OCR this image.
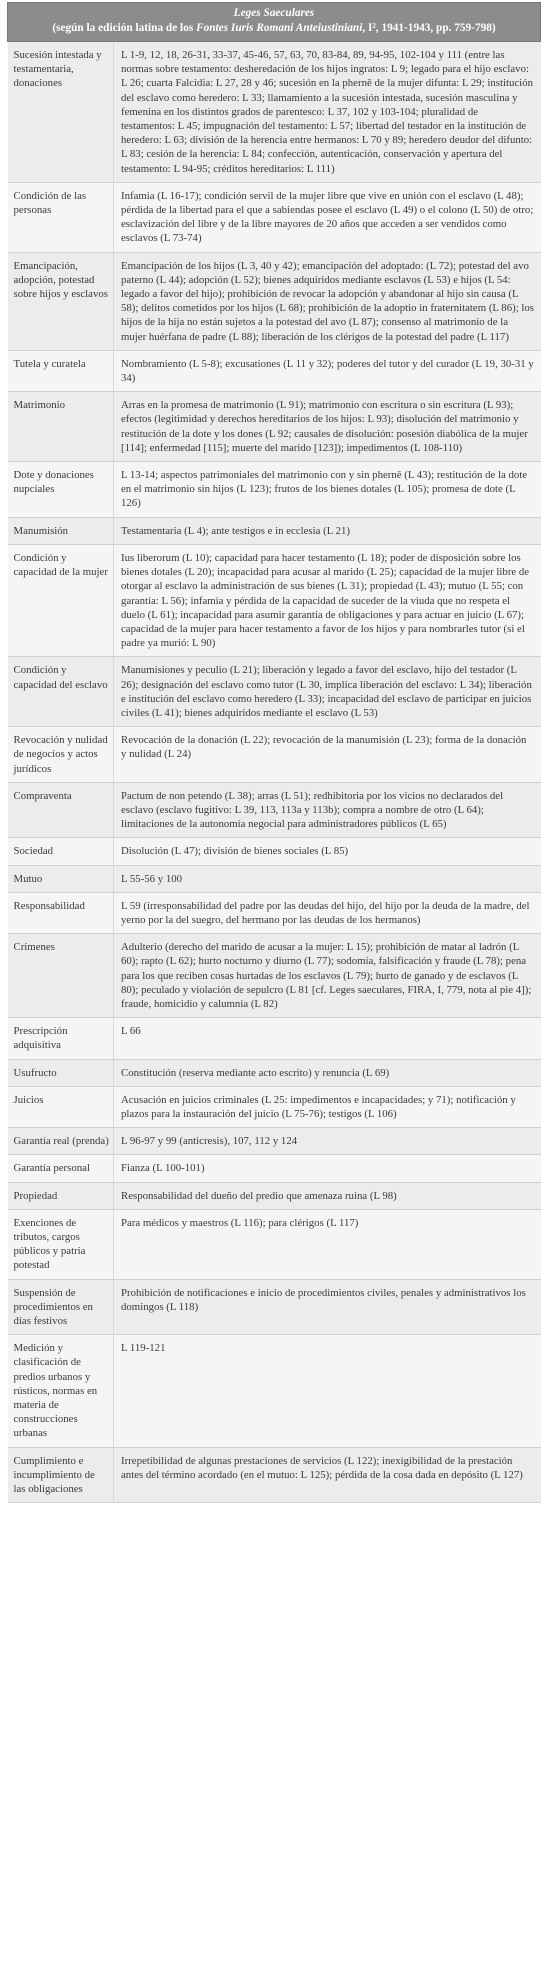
Leges Saeculares
(según la edición latina de los Fontes Iuris Romani Anteiustiniani, I², 1941-1943, pp. 759-798)	
Sucesión intestada y testamentaria, donaciones	L 1-9, 12, 18, 26-31, 33-37, 45-46, 57, 63, 70, 83-84, 89, 94-95, 102-104 y 111 (entre las normas sobre testamento: desheredación de los hijos ingratos: L 9; legado para el hijo esclavo: L 26; cuarta Falcidia: L 27, 28 y 46; sucesión en la phernē de la mujer difunta: L 29; institución del esclavo como heredero: L 33; llamamiento a la sucesión intestada, sucesión masculina y femenina en los distintos grados de parentesco: L 37, 102 y 103-104; pluralidad de testamentos: L 45; impugnación del testamento: L 57; libertad del testador en la institución de heredero: L 63; división de la herencia entre hermanos: L 70 y 89; heredero deudor del difunto: L 83; cesión de la herencia: L 84; confección, autenticación, conservación y apertura del testamento: L 94-95; créditos hereditarios: L 111)
Condición de las personas	Infamia (L 16-17); condición servil de la mujer libre que vive en unión con el esclavo (L 48); pérdida de la libertad para el que a sabiendas posee el esclavo (L 49) o el colono (L 50) de otro; esclavización del libre y de la libre mayores de 20 años que acceden a ser vendidos como esclavos (L 73-74)
Emancipación, adopción, potestad sobre hijos y esclavos	Emancipación de los hijos (L 3, 40 y 42); emancipación del adoptado: (L 72); potestad del avo paterno (L 44); adopción (L 52); bienes adquiridos mediante esclavos (L 53) e hijos (L 54: legado a favor del hijo); prohibición de revocar la adopción y abandonar al hijo sin causa (L 58); delitos cometidos por los hijos (L 68); prohibición de la adoptio in fraternitatem (L 86); los hijos de la hija no están sujetos a la potestad del avo (L 87); consenso al matrimonio de la mujer huérfana de padre (L 88); liberación de los clérigos de la potestad del padre (L 117)
Tutela y curatela	Nombramiento (L 5-8); excusationes (L 11 y 32); poderes del tutor y del curador (L 19, 30-31 y 34)
Matrimonio	Arras en la promesa de matrimonio (L 91); matrimonio con escritura o sin escritura (L 93); efectos (legitimidad y derechos hereditarios de los hijos: L 93); disolución del matrimonio y restitución de la dote y los dones (L 92; causales de disolución: posesión diabólica de la mujer [114]; enfermedad [115]; muerte del marido [123]); impedimentos (L 108-110)
Dote y donaciones nupciales	L 13-14; aspectos patrimoniales del matrimonio con y sin phernē (L 43); restitución de la dote en el matrimonio sin hijos (L 123); frutos de los bienes dotales (L 105); promesa de dote (L 126)
Manumisión	Testamentaria (L 4); ante testigos e in ecclesia (L 21)
Condición y capacidad de la mujer	Ius liberorum (L 10); capacidad para hacer testamento (L 18); poder de disposición sobre los bienes dotales (L 20); incapacidad para acusar al marido (L 25); capacidad de la mujer libre de otorgar al esclavo la administración de sus bienes (L 31); propiedad (L 43); mutuo (L 55; con garantía: L 56); infamia y pérdida de la capacidad de suceder de la viuda que no respeta el duelo (L 61); incapacidad para asumir garantía de obligaciones y para actuar en juicio (L 67); capacidad de la mujer para hacer testamento a favor de los hijos y para nombrarles tutor (si el padre ya murió: L 90)
Condición y capacidad del esclavo	Manumisiones y peculio (L 21); liberación y legado a favor del esclavo, hijo del testador (L 26); designación del esclavo como tutor (L 30, implica liberación del esclavo: L 34); liberación e institución del esclavo como heredero (L 33); incapacidad del esclavo de participar en juicios civiles (L 41); bienes adquiridos mediante el esclavo (L 53)
Revocación y nulidad de negocios y actos jurídicos	Revocación de la donación (L 22); revocación de la manumisión (L 23); forma de la donación y nulidad (L 24)
Compraventa	Pactum de non petendo (L 38); arras (L 51); redhibitoria por los vicios no declarados del esclavo (esclavo fugitivo: L 39, 113, 113a y 113b); compra a nombre de otro (L 64); limitaciones de la autonomía negocial para administradores públicos (L 65)
Sociedad	Disolución (L 47); división de bienes sociales (L 85)
Mutuo	L 55-56 y 100
Responsabilidad	L 59 (irresponsabilidad del padre por las deudas del hijo, del hijo por la deuda de la madre, del yerno por la del suegro, del hermano por las deudas de los hermanos)
Crímenes	Adulterio (derecho del marido de acusar a la mujer: L 15); prohibición de matar al ladrón (L 60); rapto (L 62); hurto nocturno y diurno (L 77); sodomía, falsificación y fraude (L 78); pena para los que reciben cosas hurtadas de los esclavos (L 79); hurto de ganado y de esclavos (L 80); peculado y violación de sepulcro (L 81 [cf. Leges saeculares, FIRA, I, 779, nota al pie 4]); fraude, homicidio y calumnia (L 82)
Prescripción adquisitiva	L 66
Usufructo	Constitución (reserva mediante acto escrito) y renuncia (L 69)
Juicios	Acusación en juicios criminales (L 25: impedimentos e incapacidades; y 71); notificación y plazos para la instauración del juicio (L 75-76); testigos (L 106)
Garantía real (prenda)	L 96-97 y 99 (anticresis), 107, 112 y 124
Garantía personal	Fianza (L 100-101)
Propiedad	Responsabilidad del dueño del predio que amenaza ruina (L 98)
Exenciones de tributos, cargos públicos y patria potestad	Para médicos y maestros (L 116); para clérigos (L 117)
Suspensión de procedimientos en días festivos	Prohibición de notificaciones e inicio de procedimientos civiles, penales y administrativos los domingos (L 118)
Medición y clasificación de predios urbanos y rústicos, normas en materia de construcciones urbanas	L 119-121
Cumplimiento e incumplimiento de las obligaciones	Irrepetibilidad de algunas prestaciones de servicios (L 122); inexigibilidad de la prestación antes del término acordado (en el mutuo: L 125); pérdida de la cosa dada en depósito (L 127)
